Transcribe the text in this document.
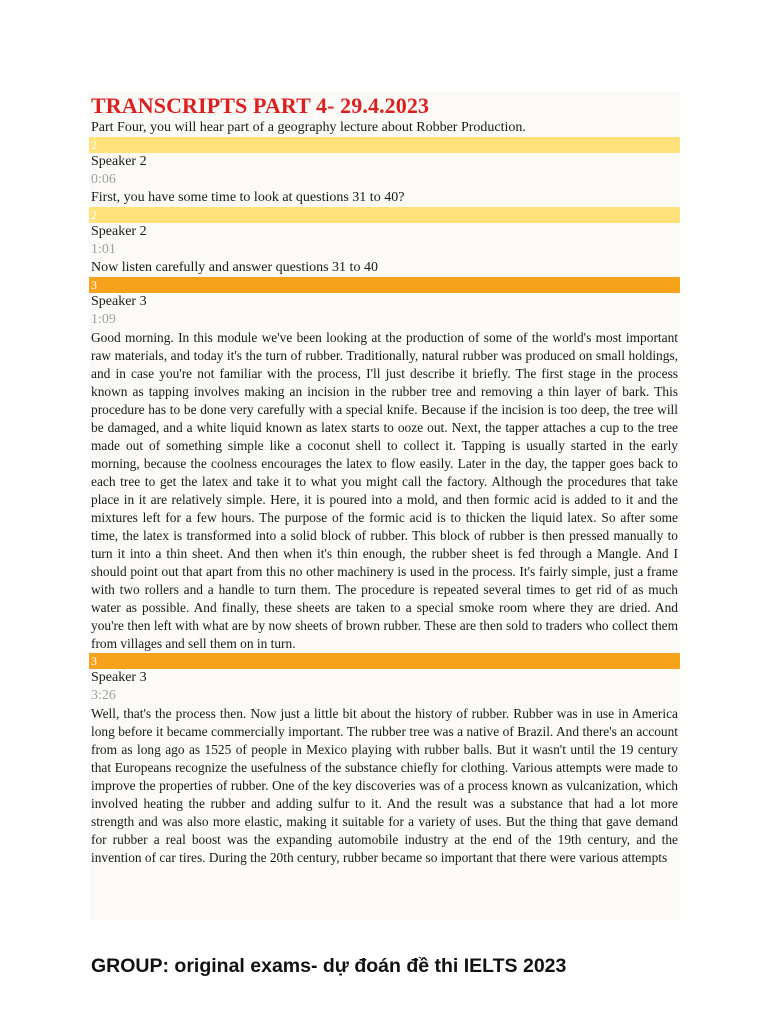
TRANSCRIPTS PART 4- 29.4.2023
Part Four, you will hear part of a geography lecture about Robber Production.
2
Speaker 2
0:06
First, you have some time to look at questions 31 to 40?
2
Speaker 2
1:01
Now listen carefully and answer questions 31 to 40
3
Speaker 3
1:09
Good morning. In this module we've been looking at the production of some of the world's most important raw materials, and today it's the turn of rubber. Traditionally, natural rubber was produced on small holdings, and in case you're not familiar with the process, I'll just describe it briefly. The first stage in the process known as tapping involves making an incision in the rubber tree and removing a thin layer of bark. This procedure has to be done very carefully with a special knife. Because if the incision is too deep, the tree will be damaged, and a white liquid known as latex starts to ooze out. Next, the tapper attaches a cup to the tree made out of something simple like a coconut shell to collect it. Tapping is usually started in the early morning, because the coolness encourages the latex to flow easily. Later in the day, the tapper goes back to each tree to get the latex and take it to what you might call the factory. Although the procedures that take place in it are relatively simple. Here, it is poured into a mold, and then formic acid is added to it and the mixtures left for a few hours. The purpose of the formic acid is to thicken the liquid latex. So after some time, the latex is transformed into a solid block of rubber. This block of rubber is then pressed manually to turn it into a thin sheet. And then when it's thin enough, the rubber sheet is fed through a Mangle. And I should point out that apart from this no other machinery is used in the process. It's fairly simple, just a frame with two rollers and a handle to turn them. The procedure is repeated several times to get rid of as much water as possible. And finally, these sheets are taken to a special smoke room where they are dried. And you're then left with what are by now sheets of brown rubber. These are then sold to traders who collect them from villages and sell them on in turn.
3
Speaker 3
3:26
Well, that's the process then. Now just a little bit about the history of rubber. Rubber was in use in America long before it became commercially important. The rubber tree was a native of Brazil. And there's an account from as long ago as 1525 of people in Mexico playing with rubber balls. But it wasn't until the 19 century that Europeans recognize the usefulness of the substance chiefly for clothing. Various attempts were made to improve the properties of rubber. One of the key discoveries was of a process known as vulcanization, which involved heating the rubber and adding sulfur to it. And the result was a substance that had a lot more strength and was also more elastic, making it suitable for a variety of uses. But the thing that gave demand for rubber a real boost was the expanding automobile industry at the end of the 19th century, and the invention of car tires. During the 20th century, rubber became so important that there were various attempts
GROUP: original exams- dự đoán đề thi IELTS 2023
